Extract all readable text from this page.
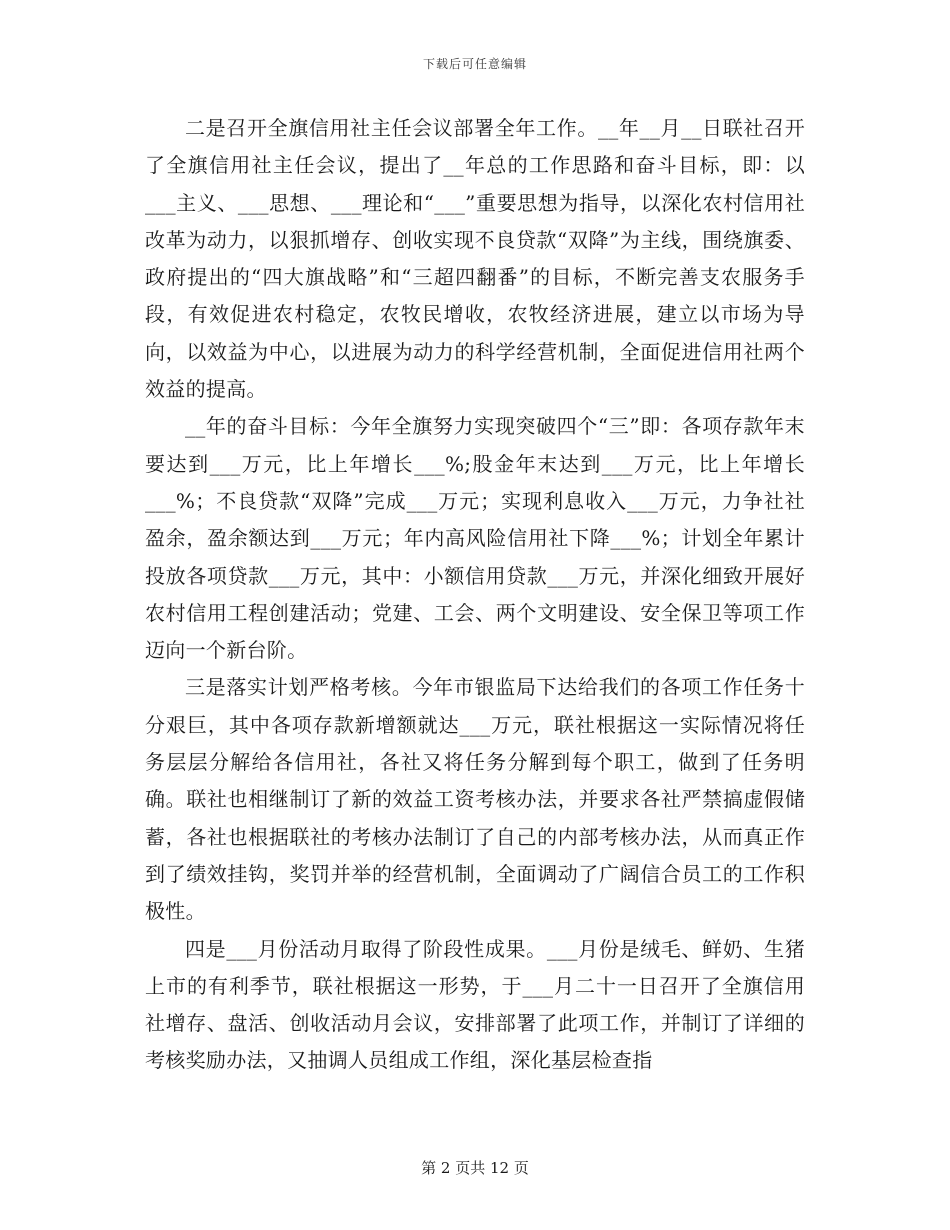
下载后可任意编辑

二是召开全旗信用社主任会议部署全年工作。__年__月__日联社召开了全旗信用社主任会议，提出了__年总的工作思路和奋斗目标，即：以___主义、___思想、___理论和“___”重要思想为指导，以深化农村信用社改革为动力，以狠抓增存、创收实现不良贷款“双降”为主线，围绕旗委、政府提出的“四大旗战略”和“三超四翻番”的目标，不断完善支农服务手段，有效促进农村稳定，农牧民增收，农牧经济进展，建立以市场为导向，以效益为中心，以进展为动力的科学经营机制，全面促进信用社两个效益的提高。

__年的奋斗目标：今年全旗努力实现突破四个“三”即：各项存款年末要达到___万元，比上年增长___%;股金年末达到___万元，比上年增长___%；不良贷款“双降”完成___万元；实现利息收入___万元，力争社社盈余，盈余额达到___万元；年内高风险信用社下降___%；计划全年累计投放各项贷款___万元，其中：小额信用贷款___万元，并深化细致开展好农村信用工程创建活动；党建、工会、两个文明建设、安全保卫等项工作迈向一个新台阶。

三是落实计划严格考核。今年市银监局下达给我们的各项工作任务十分艰巨，其中各项存款新增额就达___万元，联社根据这一实际情况将任务层层分解给各信用社，各社又将任务分解到每个职工，做到了任务明确。联社也相继制订了新的效益工资考核办法，并要求各社严禁搞虚假储蓄，各社也根据联社的考核办法制订了自己的内部考核办法，从而真正作到了绩效挂钩，奖罚并举的经营机制，全面调动了广阔信合员工的工作积极性。

四是___月份活动月取得了阶段性成果。___月份是绒毛、鲜奶、生猪上市的有利季节，联社根据这一形势，于___月二十一日召开了全旗信用社增存、盘活、创收活动月会议，安排部署了此项工作，并制订了详细的考核奖励办法，又抽调人员组成工作组，深化基层检查指

第 2 页共 12 页
